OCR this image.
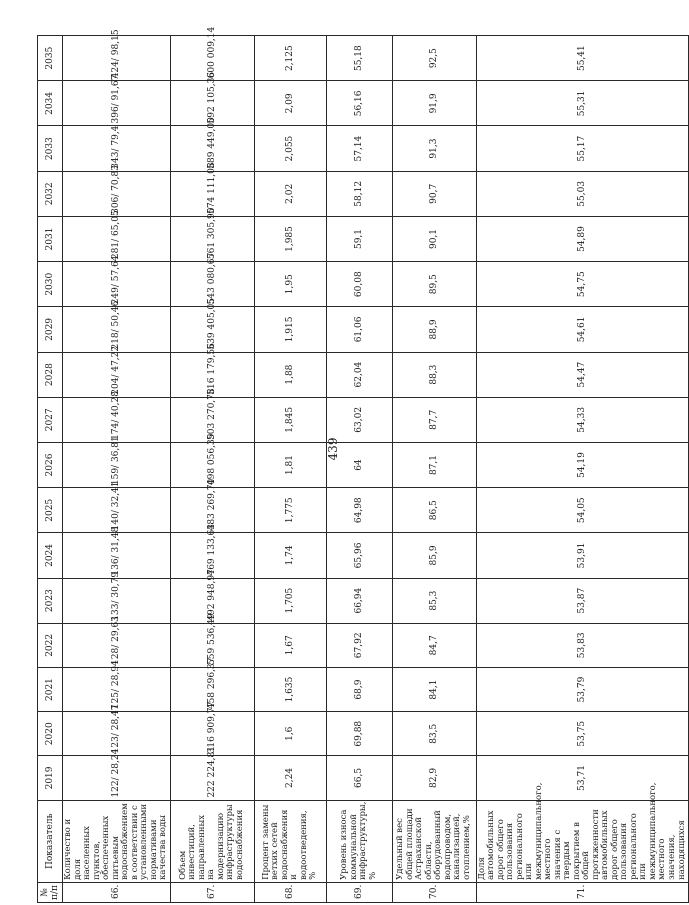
439
№ п/п	Показатель	2019	2020	2021	2022	2023	2024	2025	2026	2027	2028	2029	2030	2031	2032	2033	2034	2035
66.	Количество и доля населенных пунктов, обеспеченных питьевым водоснабжением в соответствии с установленными нормативами качества воды	122/ 28,24	123/ 28,47	125/ 28,94	128/ 29,63	133/ 30,79	136/ 31,48	140/ 32,41	159/ 36,81	174/ 40,28	204/ 47,22	218/ 50,46	249/ 57,64	281/ 65,05	306/ 70,83	343/ 79,4	396/ 91,67	424/ 98,15
67.	Объем инвестиций, направленных на модернизацию инфраструктуры водоснабжения	222 224,81	316 909,77	458 296,37	559 536,49	492 948,97	469 133,63	483 269,70	498 056,39	503 270,78	516 179,56	539 405,05	543 080,67	561 305,90	574 111,08	589 449,00	592 105,36	600 009,14
68.	Процент замены ветхих сетей водоснабжения и водоотведения, %	2,24	1,6	1,635	1,67	1,705	1,74	1,775	1,81	1,845	1,88	1,915	1,95	1,985	2,02	2,055	2,09	2,125
69.	Уровень износа коммунальной инфраструктуры, %	66,5	69,88	68,9	67,92	66,94	65,96	64,98	64	63,02	62,04	61,06	60,08	59,1	58,12	57,14	56,16	55,18
70.	Удельный вес общей площади Астраханской области, оборудованный водопроводом, канализацией, отоплением,%	82,9	83,5	84,1	84,7	85,3	85,9	86,5	87,1	87,7	88,3	88,9	89,5	90,1	90,7	91,3	91,9	92,5
71.	Доля автомобильных дорог общего пользования регионального или межмуниципального, местного значения с твердым покрытием в общей протяженности автомобильных дорог общего пользования регионального или межмуниципального, местного значения, находящихся	53,71	53,75	53,79	53,83	53,87	53,91	54,05	54,19	54,33	54,47	54,61	54,75	54,89	55,03	55,17	55,31	55,41
